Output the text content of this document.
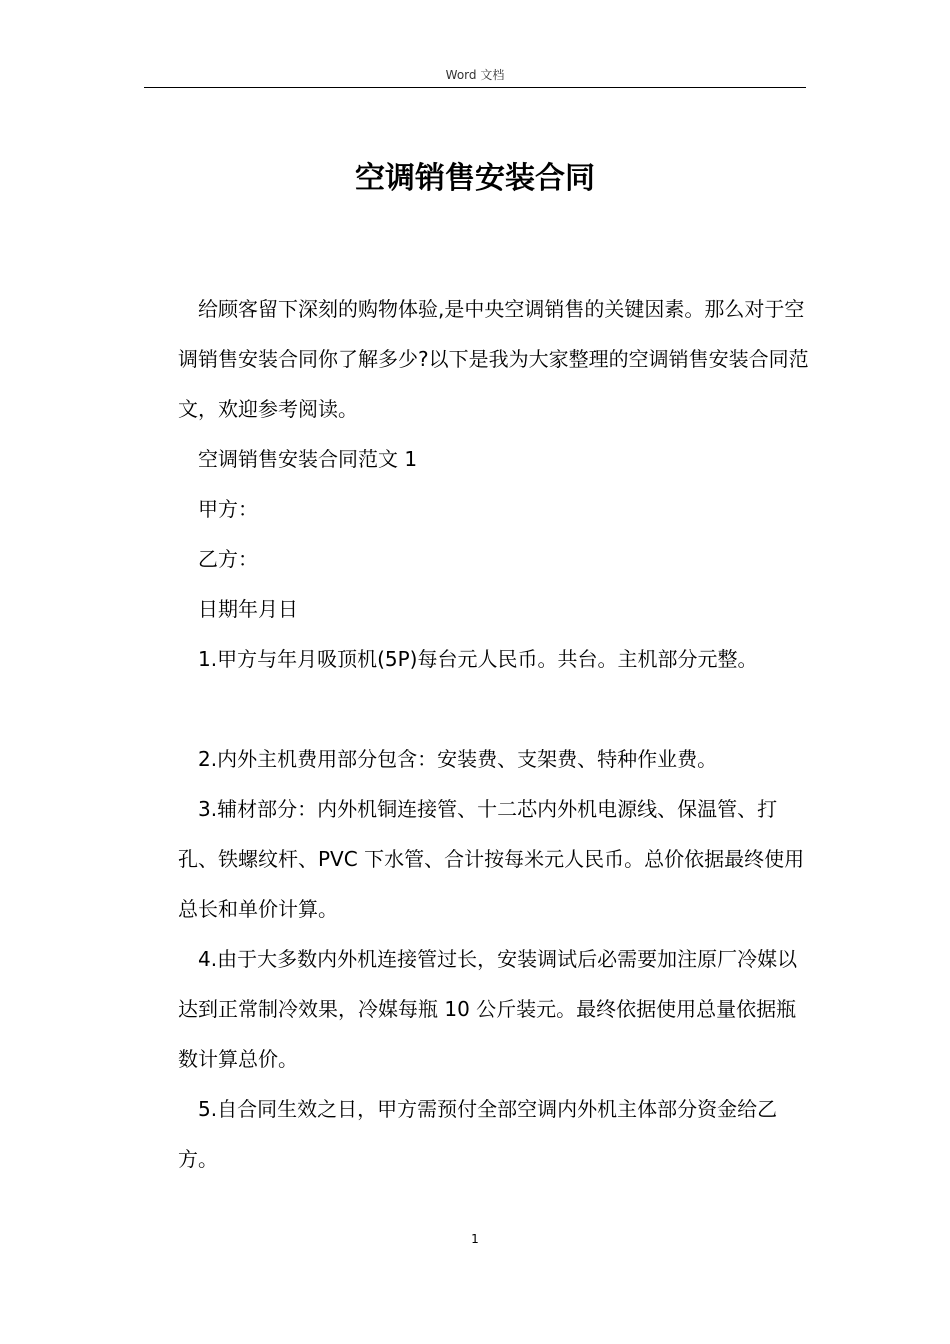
Word 文档
空调销售安装合同

给顾客留下深刻的购物体验,是中央空调销售的关键因素。那么对于空调销售安装合同你了解多少?以下是我为大家整理的空调销售安装合同范文，欢迎参考阅读。

空调销售安装合同范文 1

甲方：

乙方：

日期年月日

1.甲方与年月吸顶机(5P)每台元人民币。共台。主机部分元整。

2.内外主机费用部分包含：安装费、支架费、特种作业费。

3.辅材部分：内外机铜连接管、十二芯内外机电源线、保温管、打孔、铁螺纹杆、PVC 下水管、合计按每米元人民币。总价依据最终使用总长和单价计算。

4.由于大多数内外机连接管过长，安装调试后必需要加注原厂冷媒以达到正常制冷效果，冷媒每瓶 10 公斤装元。最终依据使用总量依据瓶数计算总价。

5.自合同生效之日，甲方需预付全部空调内外机主体部分资金给乙方。

1
